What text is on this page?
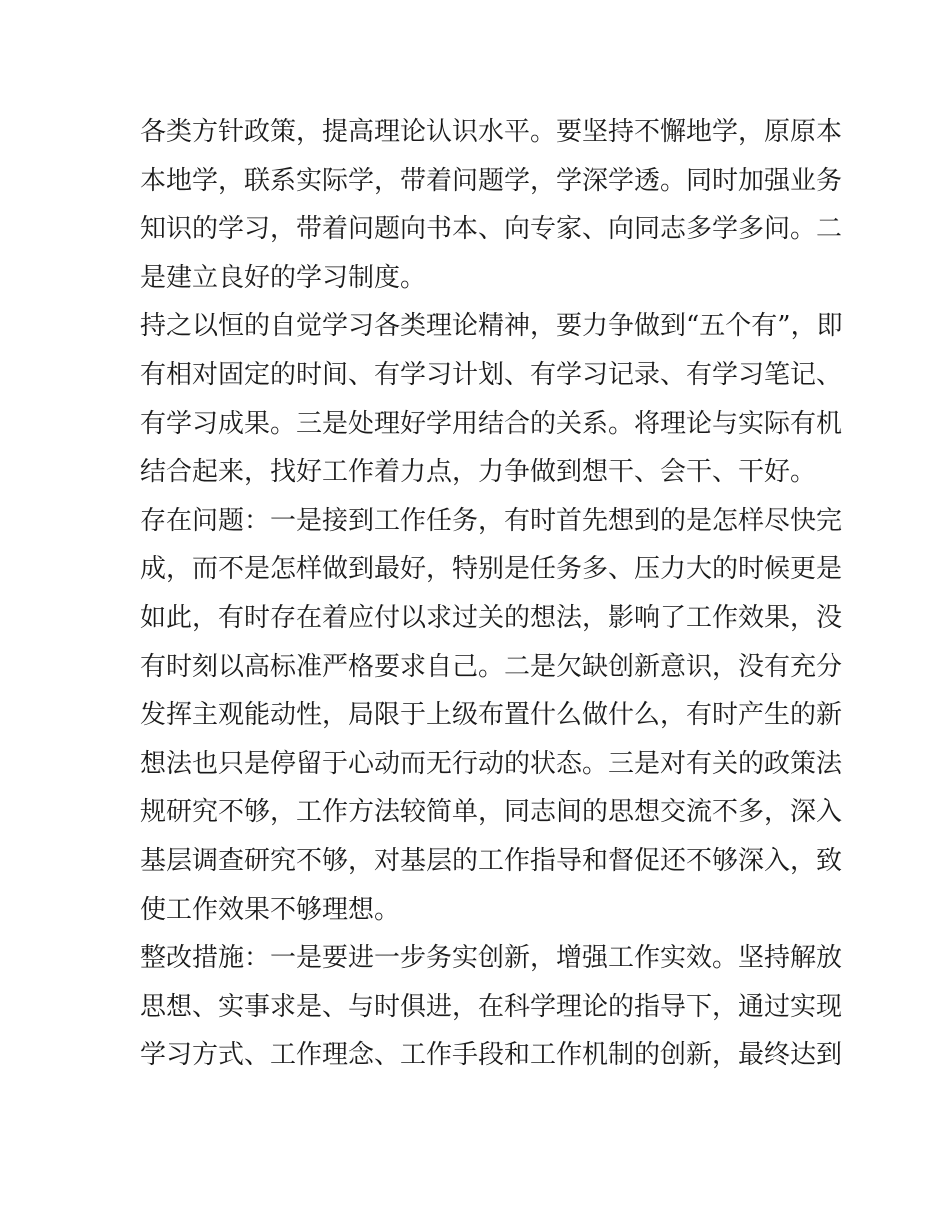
各类方针政策，提高理论认识水平。要坚持不懈地学，原原本
本地学，联系实际学，带着问题学，学深学透。同时加强业务
知识的学习，带着问题向书本、向专家、向同志多学多问。二
是建立良好的学习制度。
持之以恒的自觉学习各类理论精神，要力争做到“五个有”，即
有相对固定的时间、有学习计划、有学习记录、有学习笔记、
有学习成果。三是处理好学用结合的关系。将理论与实际有机
结合起来，找好工作着力点，力争做到想干、会干、干好。
存在问题：一是接到工作任务，有时首先想到的是怎样尽快完
成，而不是怎样做到最好，特别是任务多、压力大的时候更是
如此，有时存在着应付以求过关的想法，影响了工作效果，没
有时刻以高标准严格要求自己。二是欠缺创新意识，没有充分
发挥主观能动性，局限于上级布置什么做什么，有时产生的新
想法也只是停留于心动而无行动的状态。三是对有关的政策法
规研究不够，工作方法较简单，同志间的思想交流不多，深入
基层调查研究不够，对基层的工作指导和督促还不够深入，致
使工作效果不够理想。
整改措施：一是要进一步务实创新，增强工作实效。坚持解放
思想、实事求是、与时俱进，在科学理论的指导下，通过实现
学习方式、工作理念、工作手段和工作机制的创新，最终达到
